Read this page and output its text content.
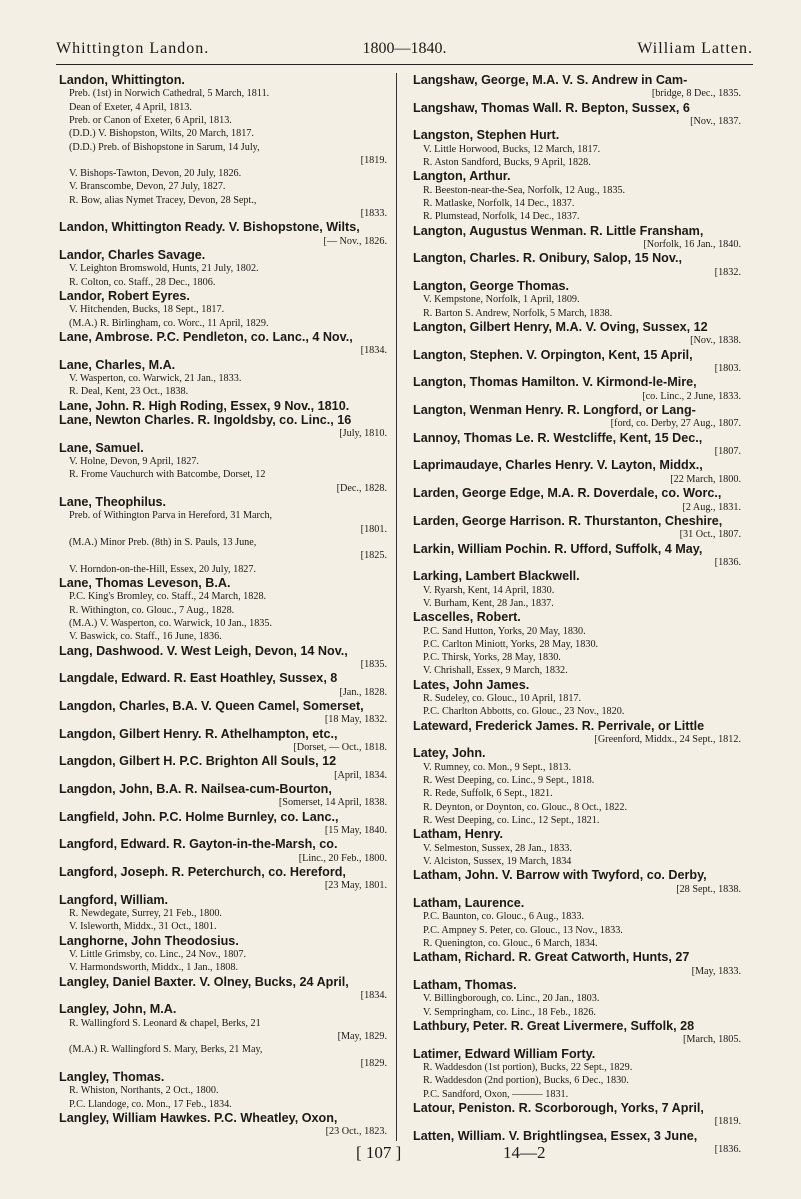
Whittington Landon.	1800—1840.	William Latten.
Landon, Whittington.
Preb. (1st) in Norwich Cathedral, 5 March, 1811.
Dean of Exeter, 4 April, 1813.
Preb. or Canon of Exeter, 6 April, 1813.
(D.D.) V. Bishopston, Wilts, 20 March, 1817.
(D.D.) Preb. of Bishopstone in Sarum, 14 July,
[1819.
V. Bishops-Tawton, Devon, 20 July, 1826.
V. Branscombe, Devon, 27 July, 1827.
R. Bow, alias Nymet Tracey, Devon, 28 Sept.,
[1833.
Landon, Whittington Ready. V. Bishopstone, Wilts,
[— Nov., 1826.
Landor, Charles Savage.
V. Leighton Bromswold, Hunts, 21 July, 1802.
R. Colton, co. Staff., 28 Dec., 1806.
Landor, Robert Eyres.
V. Hitchenden, Bucks, 18 Sept., 1817.
(M.A.) R. Birlingham, co. Worc., 11 April, 1829.
Lane, Ambrose. P.C. Pendleton, co. Lanc., 4 Nov.,
[1834.
Lane, Charles, M.A.
V. Wasperton, co. Warwick, 21 Jan., 1833.
R. Deal, Kent, 23 Oct., 1838.
Lane, John. R. High Roding, Essex, 9 Nov., 1810.
Lane, Newton Charles. R. Ingoldsby, co. Linc., 16
[July, 1810.
Lane, Samuel.
V. Holne, Devon, 9 April, 1827.
R. Frome Vauchurch with Batcombe, Dorset, 12
[Dec., 1828.
Lane, Theophilus.
Preb. of Withington Parva in Hereford, 31 March,
[1801.
(M.A.) Minor Preb. (8th) in S. Pauls, 13 June,
[1825.
V. Horndon-on-the-Hill, Essex, 20 July, 1827.
Lane, Thomas Leveson, B.A.
P.C. King's Bromley, co. Staff., 24 March, 1828.
R. Withington, co. Glouc., 7 Aug., 1828.
(M.A.) V. Wasperton, co. Warwick, 10 Jan., 1835.
V. Baswick, co. Staff., 16 June, 1836.
Lang, Dashwood. V. West Leigh, Devon, 14 Nov.,
[1835.
Langdale, Edward. R. East Hoathley, Sussex, 8
[Jan., 1828.
Langdon, Charles, B.A. V. Queen Camel, Somerset,
[18 May, 1832.
Langdon, Gilbert Henry. R. Athelhampton, etc.,
[Dorset, — Oct., 1818.
Langdon, Gilbert H. P.C. Brighton All Souls, 12
[April, 1834.
Langdon, John, B.A. R. Nailsea-cum-Bourton,
[Somerset, 14 April, 1838.
Langfield, John. P.C. Holme Burnley, co. Lanc.,
[15 May, 1840.
Langford, Edward. R. Gayton-in-the-Marsh, co.
[Linc., 20 Feb., 1800.
Langford, Joseph. R. Peterchurch, co. Hereford,
[23 May, 1801.
Langford, William.
R. Newdegate, Surrey, 21 Feb., 1800.
V. Isleworth, Middx., 31 Oct., 1801.
Langhorne, John Theodosius.
V. Little Grimsby, co. Linc., 24 Nov., 1807.
V. Harmondsworth, Middx., 1 Jan., 1808.
Langley, Daniel Baxter. V. Olney, Bucks, 24 April,
[1834.
Langley, John, M.A.
R. Wallingford S. Leonard & chapel, Berks, 21
[May, 1829.
(M.A.) R. Wallingford S. Mary, Berks, 21 May,
[1829.
Langley, Thomas.
R. Whiston, Northants, 2 Oct., 1800.
P.C. Llandoge, co. Mon., 17 Feb., 1834.
Langley, William Hawkes. P.C. Wheatley, Oxon,
[23 Oct., 1823.
Langshaw, George, M.A. V. S. Andrew in Cam-
[bridge, 8 Dec., 1835.
Langshaw, Thomas Wall. R. Bepton, Sussex, 6
[Nov., 1837.
Langston, Stephen Hurt.
V. Little Horwood, Bucks, 12 March, 1817.
R. Aston Sandford, Bucks, 9 April, 1828.
Langton, Arthur.
R. Beeston-near-the-Sea, Norfolk, 12 Aug., 1835.
R. Matlaske, Norfolk, 14 Dec., 1837.
R. Plumstead, Norfolk, 14 Dec., 1837.
Langton, Augustus Wenman. R. Little Fransham,
[Norfolk, 16 Jan., 1840.
Langton, Charles. R. Onibury, Salop, 15 Nov.,
[1832.
Langton, George Thomas.
V. Kempstone, Norfolk, 1 April, 1809.
R. Barton S. Andrew, Norfolk, 5 March, 1838.
Langton, Gilbert Henry, M.A. V. Oving, Sussex, 12
[Nov., 1838.
Langton, Stephen. V. Orpington, Kent, 15 April,
[1803.
Langton, Thomas Hamilton. V. Kirmond-le-Mire,
[co. Linc., 2 June, 1833.
Langton, Wenman Henry. R. Longford, or Lang-
[ford, co. Derby, 27 Aug., 1807.
Lannoy, Thomas Le. R. Westcliffe, Kent, 15 Dec.,
[1807.
Laprimaudaye, Charles Henry. V. Layton, Middx.,
[22 March, 1800.
Larden, George Edge, M.A. R. Doverdale, co. Worc.,
[2 Aug., 1831.
Larden, George Harrison. R. Thurstanton, Cheshire,
[31 Oct., 1807.
Larkin, William Pochin. R. Ufford, Suffolk, 4 May,
[1836.
Larking, Lambert Blackwell.
V. Ryarsh, Kent, 14 April, 1830.
V. Burham, Kent, 28 Jan., 1837.
Lascelles, Robert.
P.C. Sand Hutton, Yorks, 20 May, 1830.
P.C. Carlton Miniott, Yorks, 28 May, 1830.
P.C. Thirsk, Yorks, 28 May, 1830.
V. Chrishall, Essex, 9 March, 1832.
Lates, John James.
R. Sudeley, co. Glouc., 10 April, 1817.
P.C. Charlton Abbotts, co. Glouc., 23 Nov., 1820.
Lateward, Frederick James. R. Perrivale, or Little
[Greenford, Middx., 24 Sept., 1812.
Latey, John.
V. Rumney, co. Mon., 9 Sept., 1813.
R. West Deeping, co. Linc., 9 Sept., 1818.
R. Rede, Suffolk, 6 Sept., 1821.
R. Deynton, or Doynton, co. Glouc., 8 Oct., 1822.
R. West Deeping, co. Linc., 12 Sept., 1821.
Latham, Henry.
V. Selmeston, Sussex, 28 Jan., 1833.
V. Alciston, Sussex, 19 March, 1834
Latham, John. V. Barrow with Twyford, co. Derby,
[28 Sept., 1838.
Latham, Laurence.
P.C. Baunton, co. Glouc., 6 Aug., 1833.
P.C. Ampney S. Peter, co. Glouc., 13 Nov., 1833.
R. Quenington, co. Glouc., 6 March, 1834.
Latham, Richard. R. Great Catworth, Hunts, 27
[May, 1833.
Latham, Thomas.
V. Billingborough, co. Linc., 20 Jan., 1803.
V. Sempringham, co. Linc., 18 Feb., 1826.
Lathbury, Peter. R. Great Livermere, Suffolk, 28
[March, 1805.
Latimer, Edward William Forty.
R. Waddesdon (1st portion), Bucks, 22 Sept., 1829.
R. Waddesdon (2nd portion), Bucks, 6 Dec., 1830.
P.C. Sandford, Oxon, ——— 1831.
Latour, Peniston. R. Scorborough, Yorks, 7 April,
[1819.
Latten, William. V. Brightlingsea, Essex, 3 June,
[1836.
[ 107 ]	14—2
